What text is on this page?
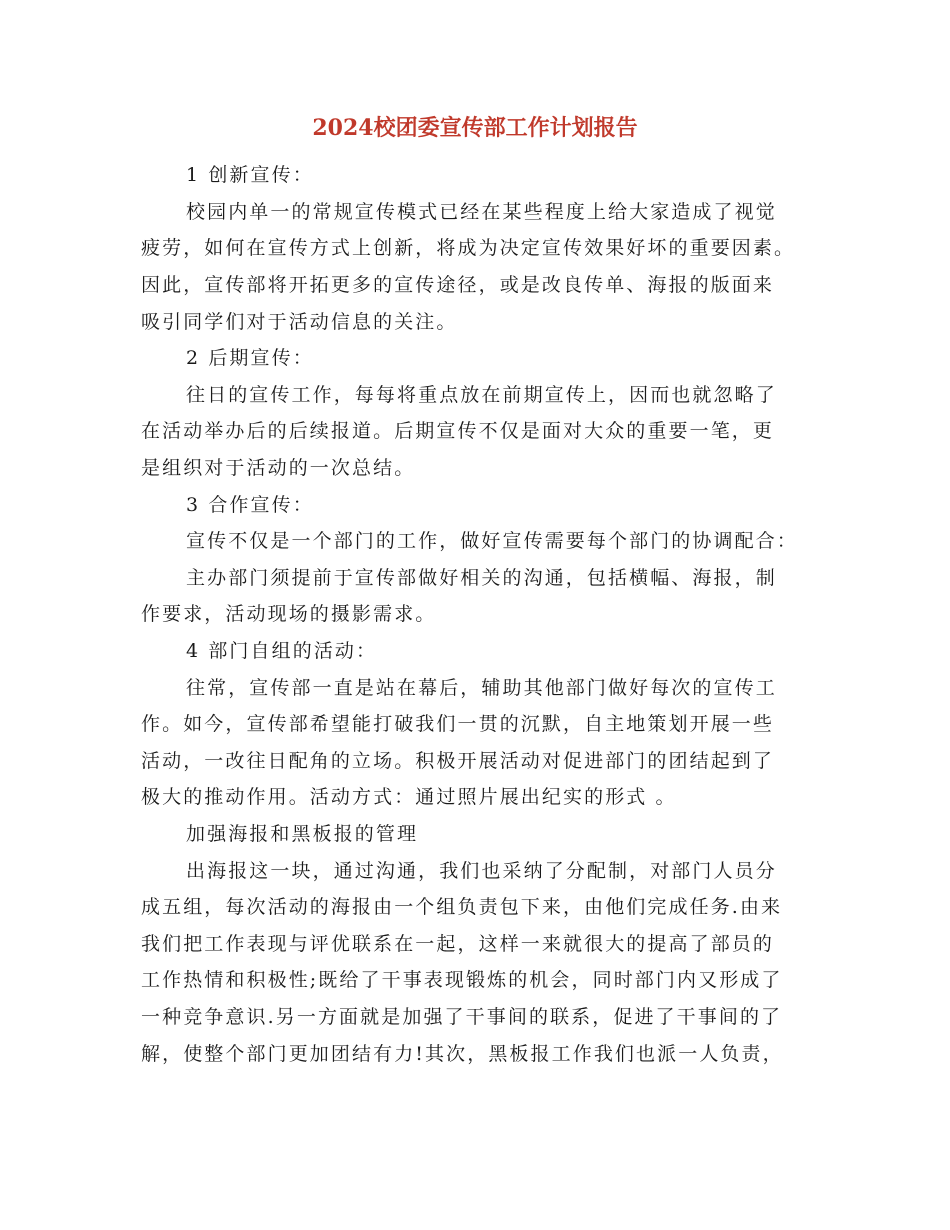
2024校团委宣传部工作计划报告

1 创新宣传：

校园内单一的常规宣传模式已经在某些程度上给大家造成了视觉

疲劳，如何在宣传方式上创新，将成为决定宣传效果好坏的重要因素。

因此，宣传部将开拓更多的宣传途径，或是改良传单、海报的版面来

吸引同学们对于活动信息的关注。

2 后期宣传：

往日的宣传工作，每每将重点放在前期宣传上，因而也就忽略了

在活动举办后的后续报道。后期宣传不仅是面对大众的重要一笔，更

是组织对于活动的一次总结。

3 合作宣传：

宣传不仅是一个部门的工作，做好宣传需要每个部门的协调配合：

主办部门须提前于宣传部做好相关的沟通，包括横幅、海报，制

作要求，活动现场的摄影需求。

4 部门自组的活动：

往常，宣传部一直是站在幕后，辅助其他部门做好每次的宣传工

作。如今，宣传部希望能打破我们一贯的沉默，自主地策划开展一些

活动，一改往日配角的立场。积极开展活动对促进部门的团结起到了

极大的推动作用。活动方式：通过照片展出纪实的形式 。

加强海报和黑板报的管理

出海报这一块，通过沟通，我们也采纳了分配制，对部门人员分

成五组，每次活动的海报由一个组负责包下来，由他们完成任务.由来

我们把工作表现与评优联系在一起，这样一来就很大的提高了部员的

工作热情和积极性;既给了干事表现锻炼的机会，同时部门内又形成了

一种竞争意识.另一方面就是加强了干事间的联系，促进了干事间的了

解，使整个部门更加团结有力!其次，黑板报工作我们也派一人负责，
